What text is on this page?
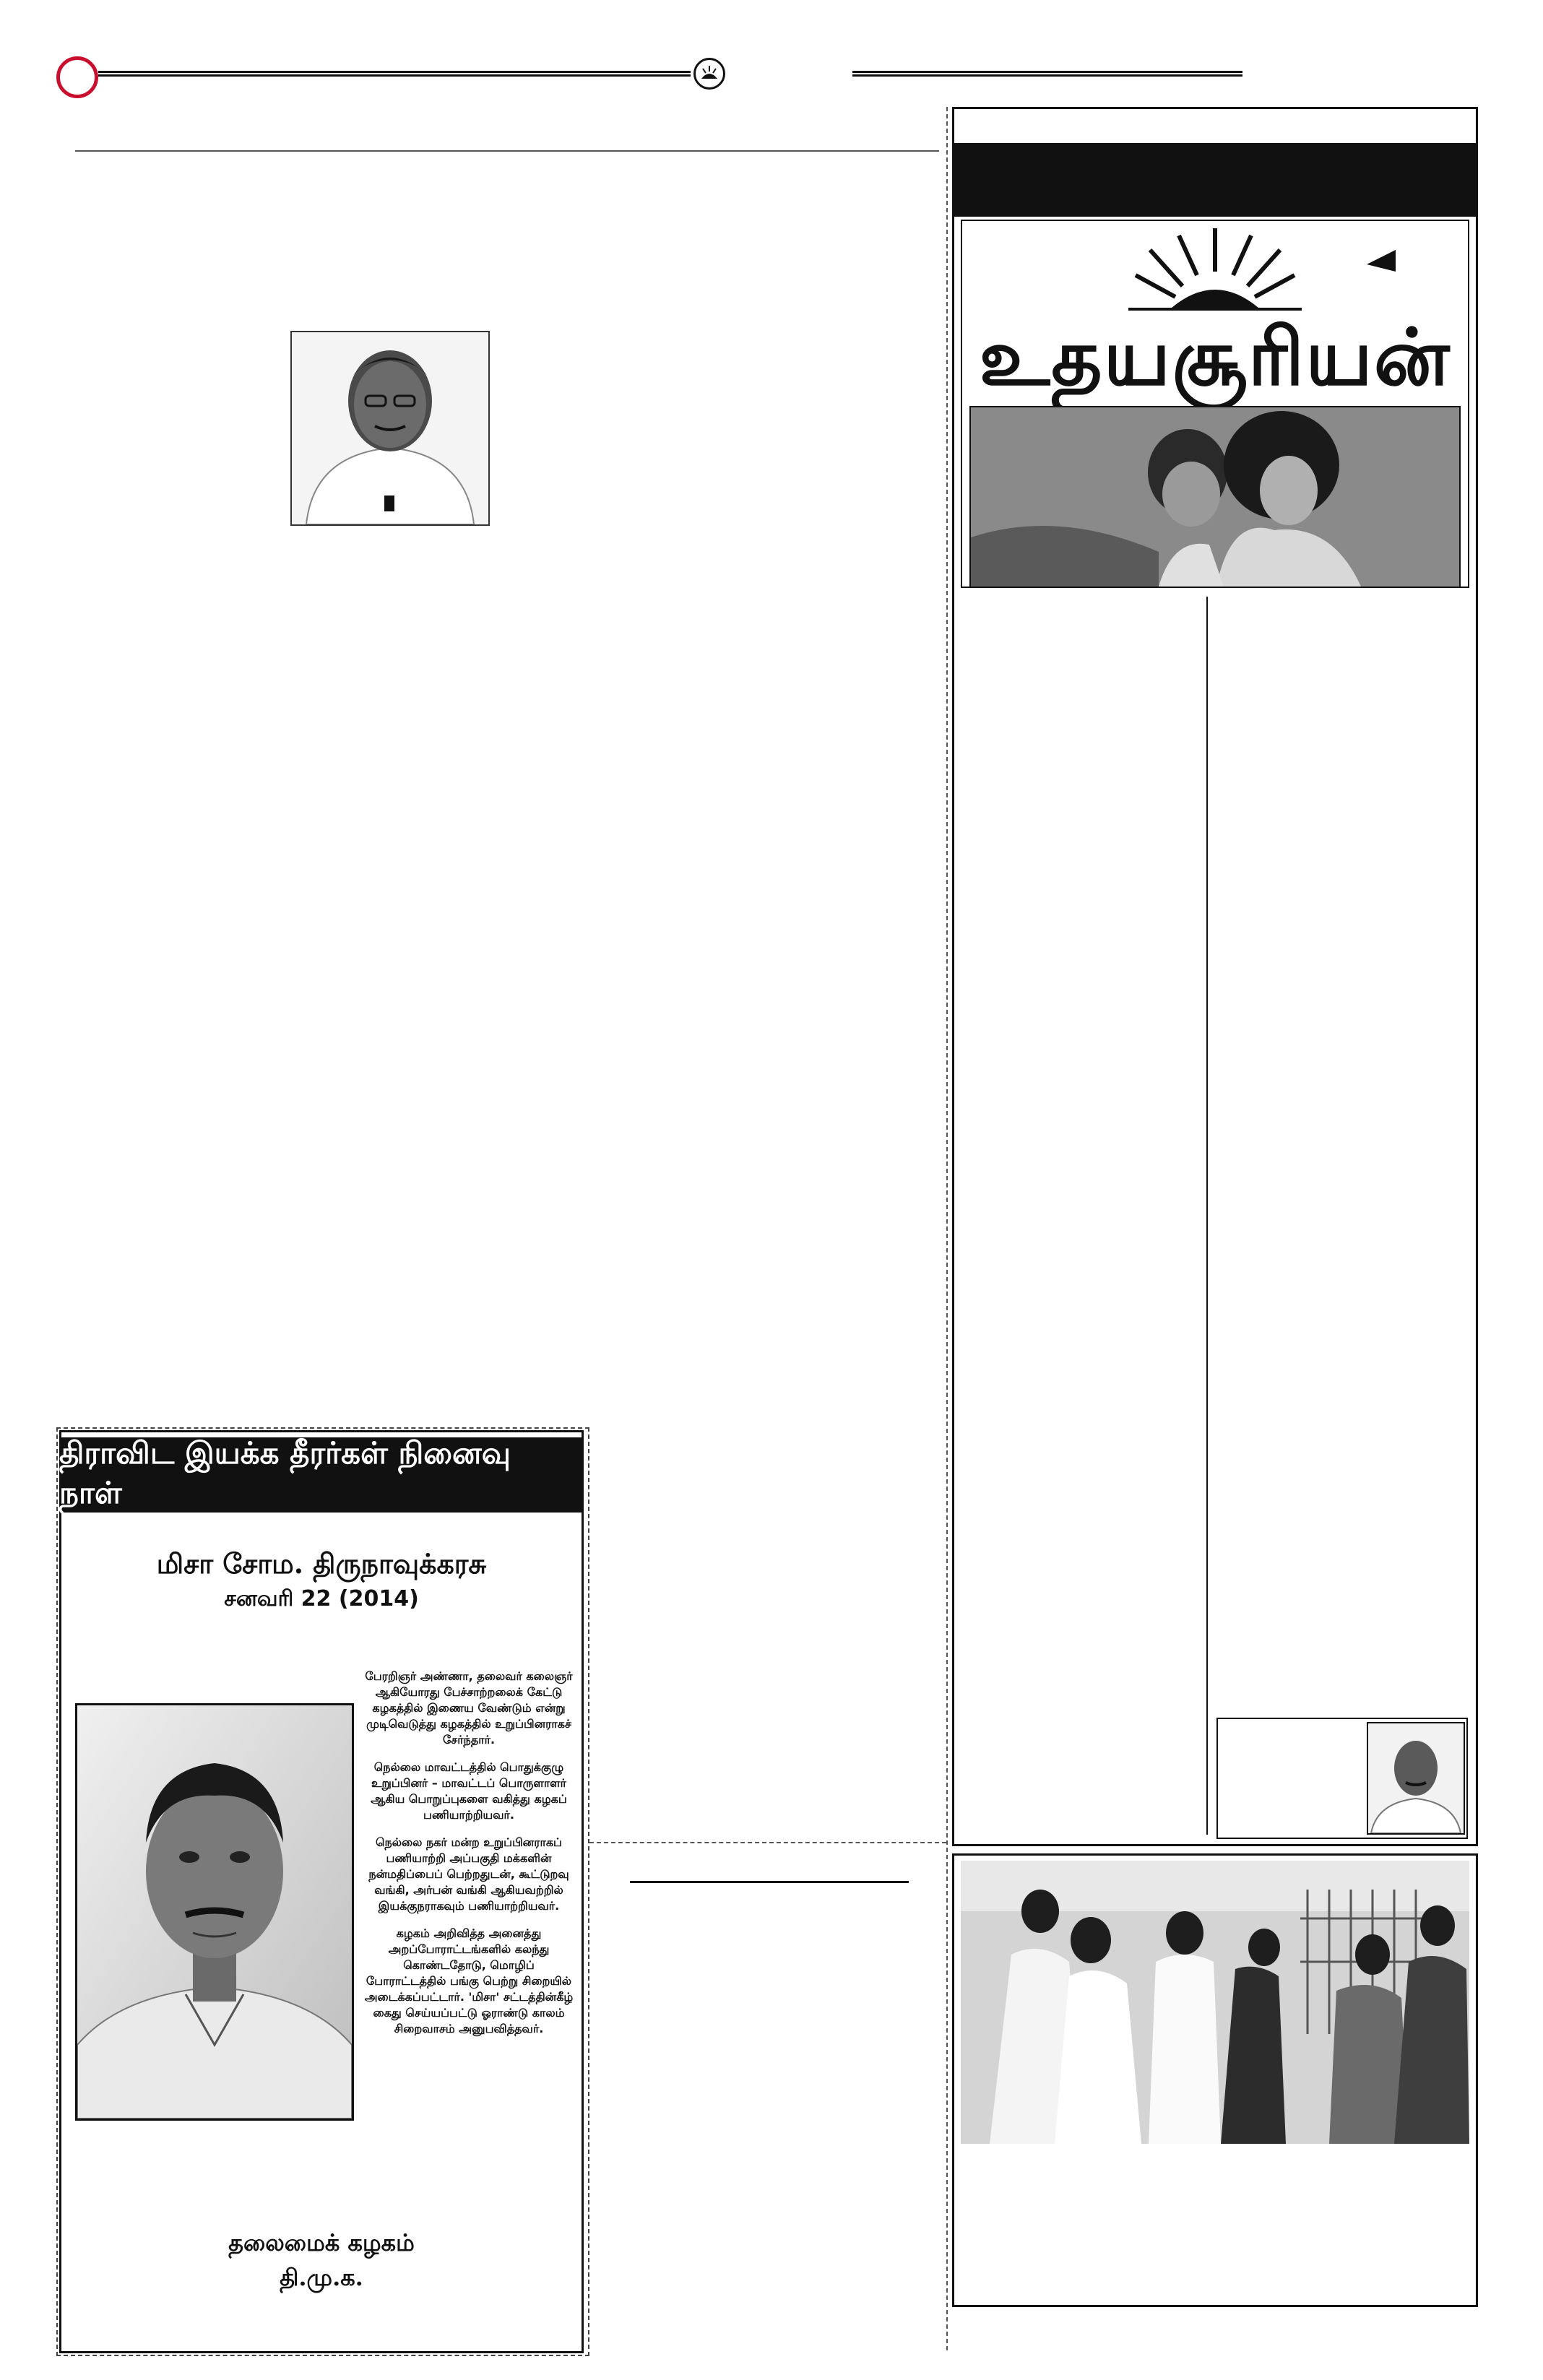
திராவிட இயக்க தீரர்கள் நினைவு நாள்
மிசா சோம. திருநாவுக்கரசு
சனவரி 22 (2014)

பேரறிஞர் அண்ணா, தலைவர் கலைஞர் ஆகியோரது பேச்சாற்றலைக் கேட்டு கழகத்தில் இணைய வேண்டும் என்று முடிவெடுத்து கழகத்தில் உறுப்பினராகச் சேர்ந்தார்.

நெல்லை மாவட்டத்தில் பொதுக்குழு உறுப்பினர் – மாவட்டப் பொருளாளர் ஆகிய பொறுப்புகளை வகித்து கழகப் பணியாற்றியவர்.

நெல்லை நகர் மன்ற உறுப்பினராகப் பணியாற்றி அப்பகுதி மக்களின் நன்மதிப்பைப் பெற்றதுடன், கூட்டுறவு வங்கி, அர்பன் வங்கி ஆகியவற்றில் இயக்குநராகவும் பணியாற்றியவர்.

கழகம் அறிவித்த அனைத்து அறப்போராட்டங்களில் கலந்து கொண்டதோடு, மொழிப் போராட்டத்தில் பங்கு பெற்று சிறையில் அடைக்கப்பட்டார். 'மிசா' சட்டத்தின்கீழ் கைது செய்யப்பட்டு ஓராண்டு காலம் சிறைவாசம் அனுபவித்தவர்.

தலைமைக் கழகம்
தி.மு.க.
உதயசூரியன்
